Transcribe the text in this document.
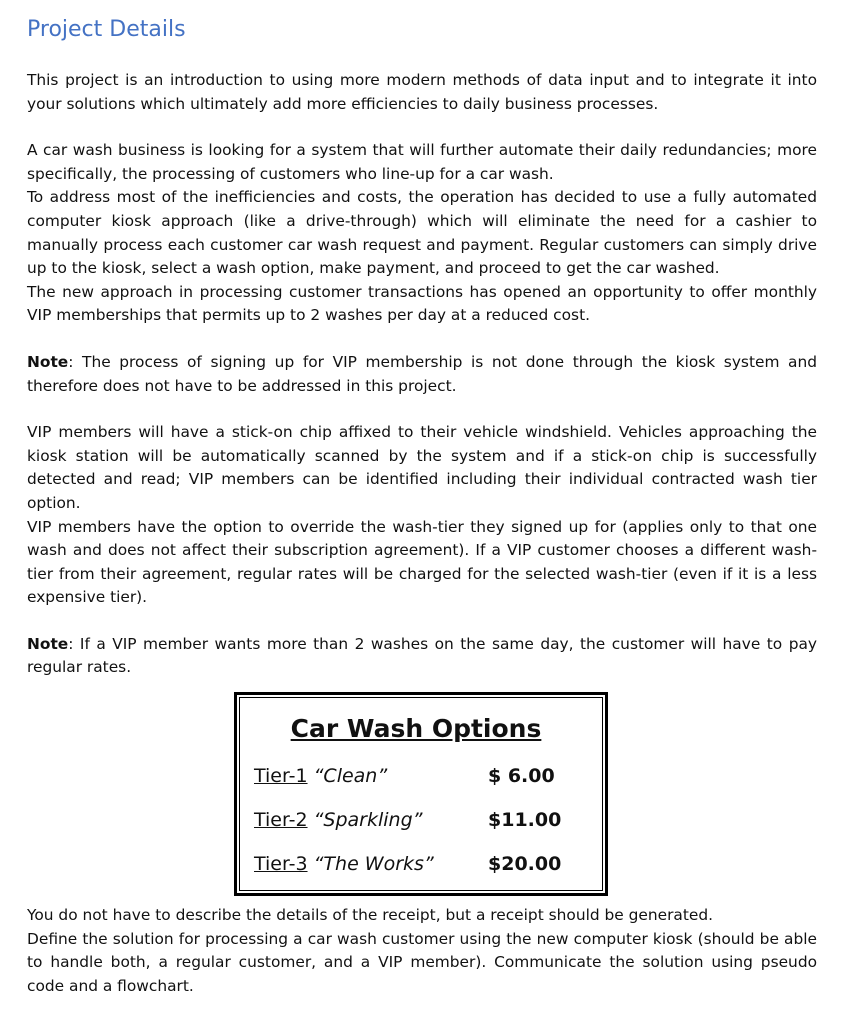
Project Details

This project is an introduction to using more modern methods of data input and to integrate it into your solutions which ultimately add more efficiencies to daily business processes.

A car wash business is looking for a system that will further automate their daily redundancies; more specifically, the processing of customers who line-up for a car wash.

To address most of the inefficiencies and costs, the operation has decided to use a fully automated computer kiosk approach (like a drive-through) which will eliminate the need for a cashier to manually process each customer car wash request and payment. Regular customers can simply drive up to the kiosk, select a wash option, make payment, and proceed to get the car washed.

The new approach in processing customer transactions has opened an opportunity to offer monthly VIP memberships that permits up to 2 washes per day at a reduced cost.

Note: The process of signing up for VIP membership is not done through the kiosk system and therefore does not have to be addressed in this project.

VIP members will have a stick-on chip affixed to their vehicle windshield. Vehicles approaching the kiosk station will be automatically scanned by the system and if a stick-on chip is successfully detected and read; VIP members can be identified including their individual contracted wash tier option.

VIP members have the option to override the wash-tier they signed up for (applies only to that one wash and does not affect their subscription agreement). If a VIP customer chooses a different wash-tier from their agreement, regular rates will be charged for the selected wash-tier (even if it is a less expensive tier).

Note: If a VIP member wants more than 2 washes on the same day, the customer will have to pay regular rates.

Car Wash Options
Tier-1 “Clean”	$ 6.00
Tier-2 “Sparkling”	$11.00
Tier-3 “The Works”	$20.00

You do not have to describe the details of the receipt, but a receipt should be generated.

Define the solution for processing a car wash customer using the new computer kiosk (should be able to handle both, a regular customer, and a VIP member). Communicate the solution using pseudo code and a flowchart.
